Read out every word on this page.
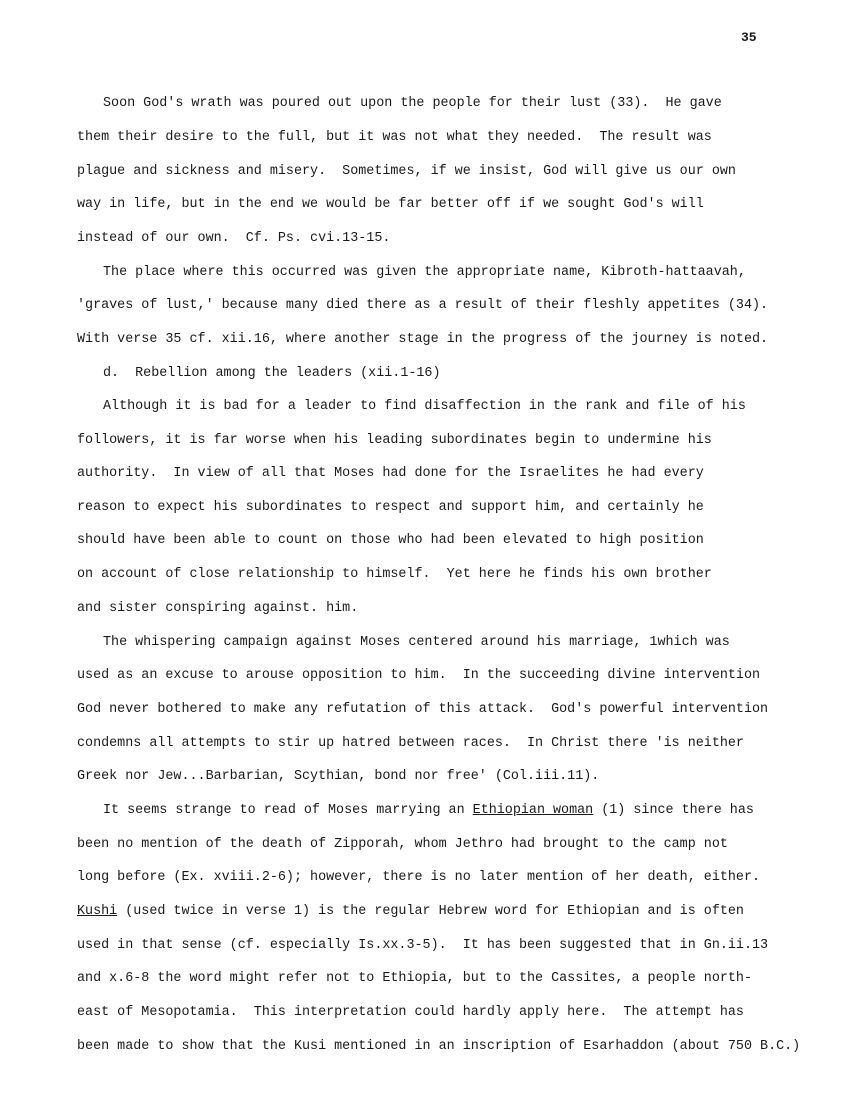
35
Soon God's wrath was poured out upon the people for their lust (33).  He gave
them their desire to the full, but it was not what they needed.  The result was
plague and sickness and misery.  Sometimes, if we insist, God will give us our own
way in life, but in the end we would be far better off if we sought God's will
instead of our own.  Cf. Ps. cvi.13-15.
The place where this occurred was given the appropriate name, Kibroth-hattaavah,
'graves of lust,' because many died there as a result of their fleshly appetites (34).
With verse 35 cf. xii.16, where another stage in the progress of the journey is noted.
d.  Rebellion among the leaders (xii.1-16)
Although it is bad for a leader to find disaffection in the rank and file of his
followers, it is far worse when his leading subordinates begin to undermine his
authority.  In view of all that Moses had done for the Israelites he had every
reason to expect his subordinates to respect and support him, and certainly he
should have been able to count on those who had been elevated to high position
on account of close relationship to himself.  Yet here he finds his own brother
and sister conspiring against. him.
The whispering campaign against Moses centered around his marriage, 1which was
used as an excuse to arouse opposition to him.  In the succeeding divine intervention
God never bothered to make any refutation of this attack.  God's powerful intervention
condemns all attempts to stir up hatred between races.  In Christ there 'is neither
Greek nor Jew...Barbarian, Scythian, bond nor free' (Col.iii.11).
It seems strange to read of Moses marrying an Ethiopian woman (1) since there has
been no mention of the death of Zipporah, whom Jethro had brought to the camp not
long before (Ex. xviii.2-6); however, there is no later mention of her death, either.
Kushi (used twice in verse 1) is the regular Hebrew word for Ethiopian and is often
used in that sense (cf. especially Is.xx.3-5).  It has been suggested that in Gn.ii.13
and x.6-8 the word might refer not to Ethiopia, but to the Cassites, a people north-
east of Mesopotamia.  This interpretation could hardly apply here.  The attempt has
been made to show that the Kusi mentioned in an inscription of Esarhaddon (about 750 B.C.)
